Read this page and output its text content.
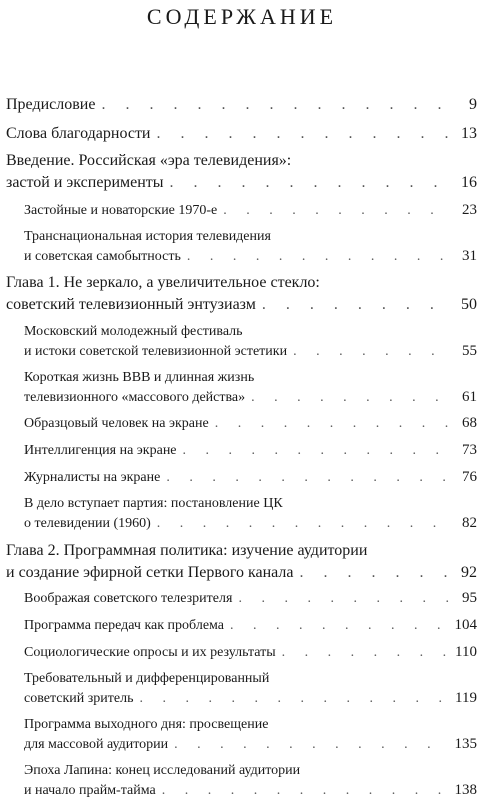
СОДЕРЖАНИЕ
Предисловие . . .	9
Слова благодарности . . .	13
Введение. Российская «эра телевидения»:
застой и эксперименты . . .	16
Застойные и новаторские 1970-е . . .	23
Транснациональная история телевидения
и советская самобытность . . .	31
Глава 1. Не зеркало, а увеличительное стекло:
советский телевизионный энтузиазм . . .	50
Московский молодежный фестиваль
и истоки советской телевизионной эстетики . . .	55
Короткая жизнь ВВВ и длинная жизнь
телевизионного «массового действа» . . .	61
Образцовый человек на экране . . .	68
Интеллигенция на экране . . .	73
Журналисты на экране . . .	76
В дело вступает партия: постановление ЦК
о телевидении (1960) . . .	82
Глава 2. Программная политика: изучение аудитории
и создание эфирной сетки Первого канала . . .	92
Воображая советского телезрителя . . .	95
Программа передач как проблема . . .	104
Социологические опросы и их результаты . . .	110
Требовательный и дифференцированный
советский зритель . . .	119
Программа выходного дня: просвещение
для массовой аудитории . . .	135
Эпоха Лапина: конец исследований аудитории
и начало прайм-тайма . . .	138
